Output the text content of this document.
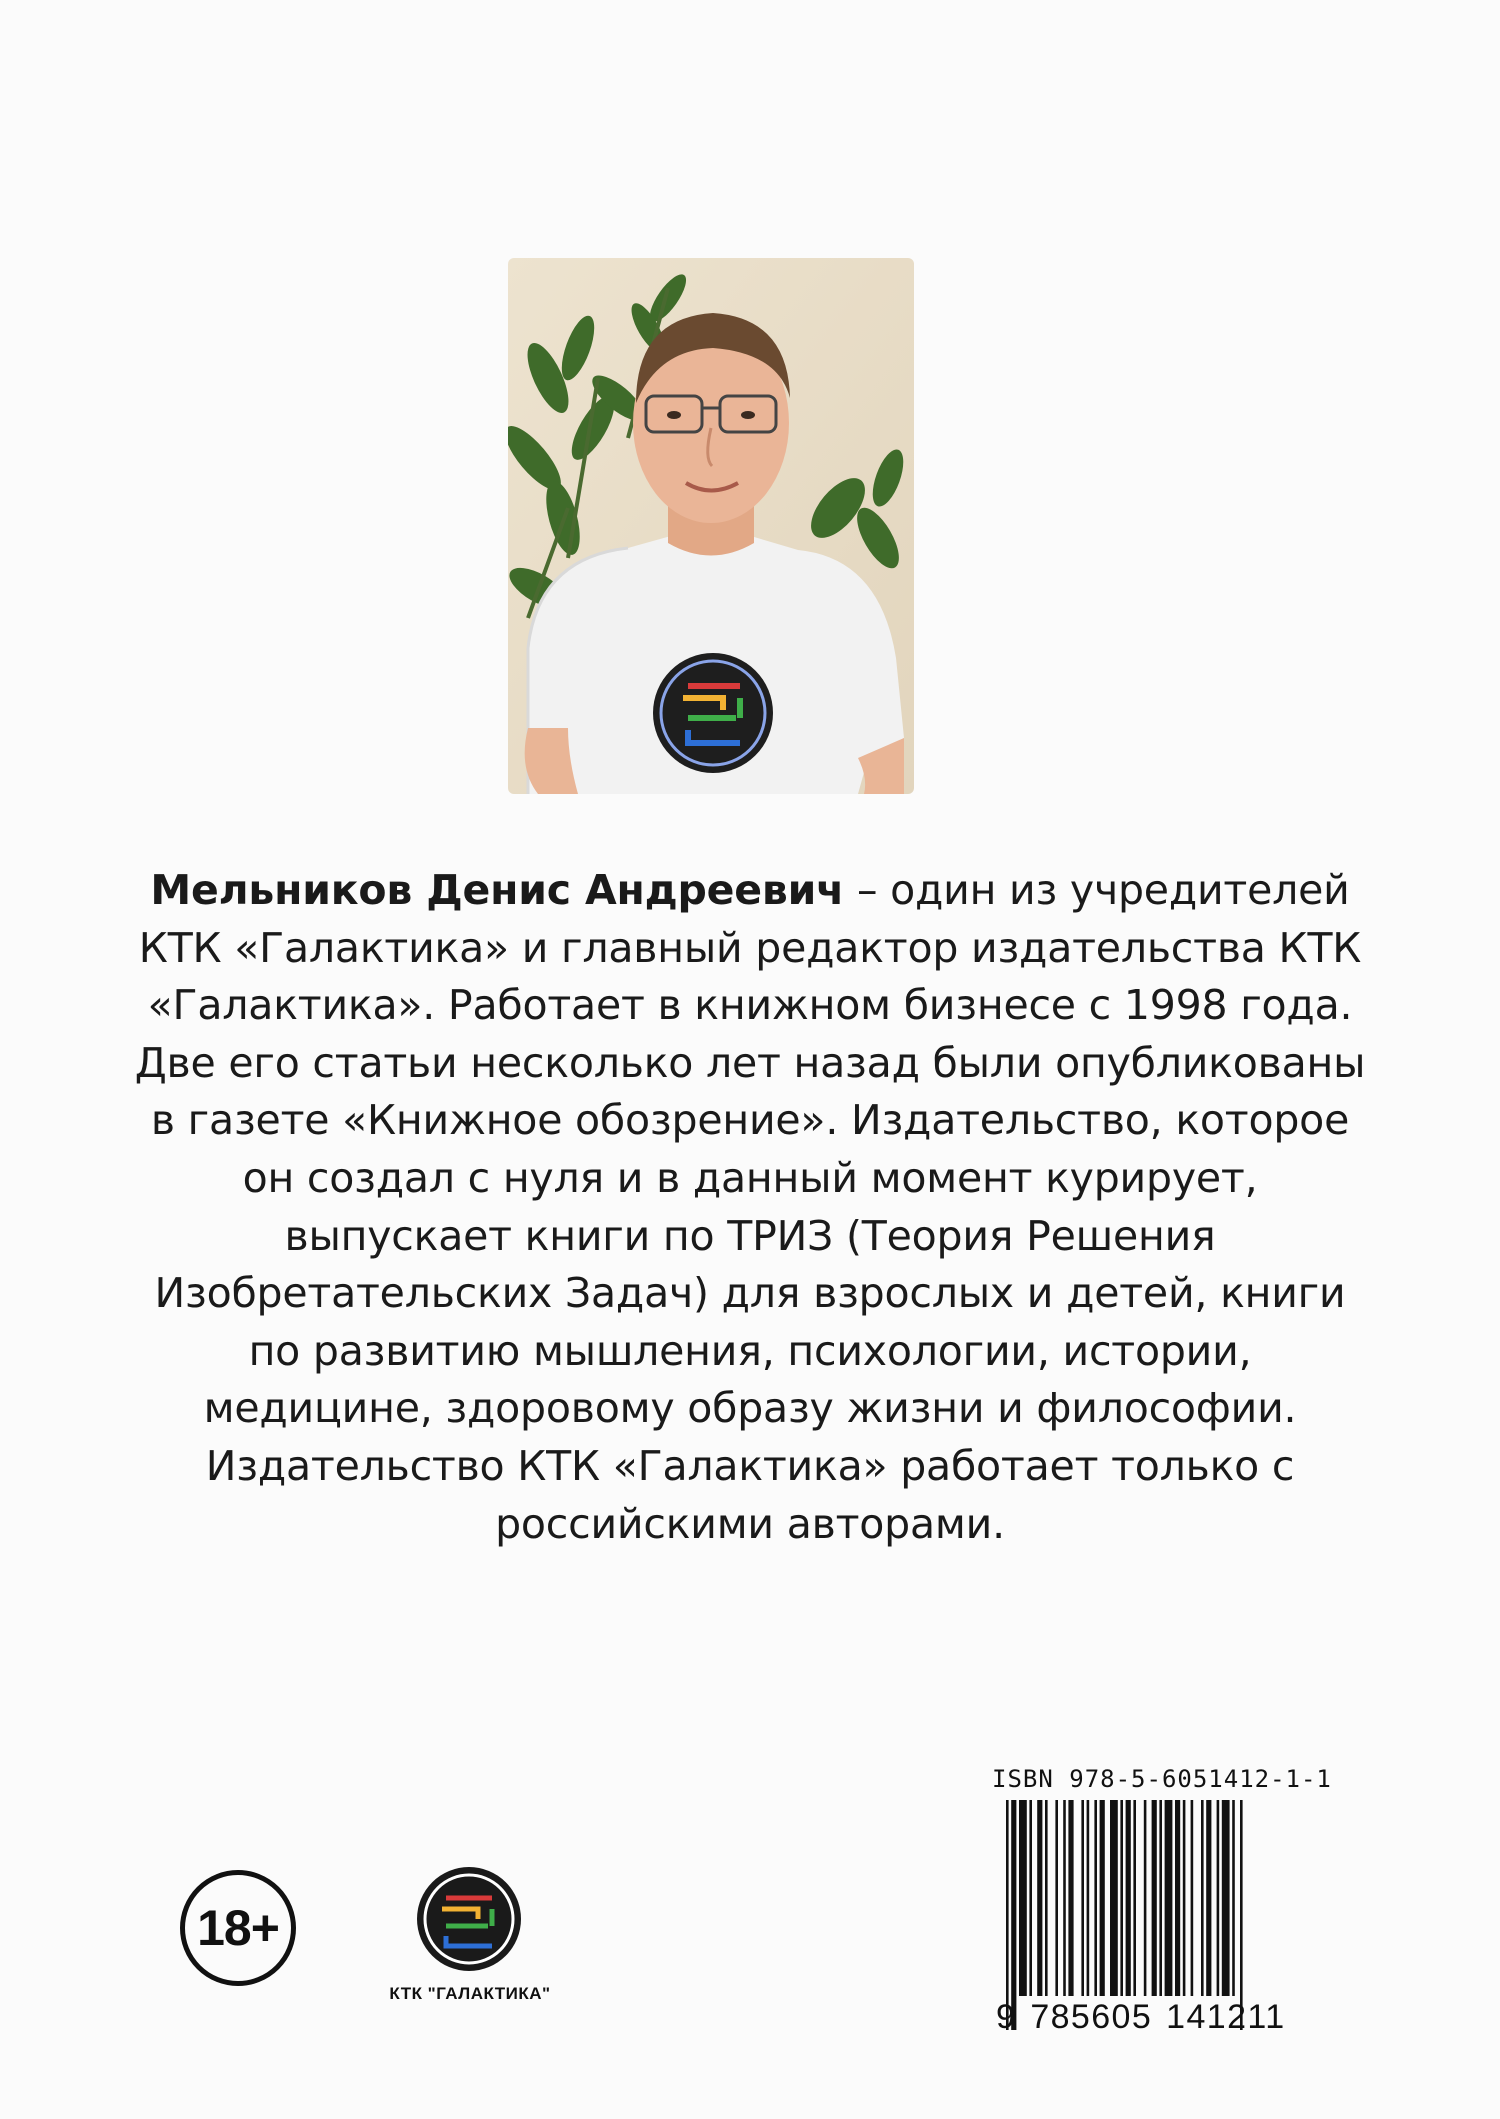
Мельников Денис Андреевич – один из учредителей КТК «Галактика» и главный редактор издательства КТК «Галактика». Работает в книжном бизнесе с 1998 года. Две его статьи несколько лет назад были опубликованы в газете «Книжное обозрение». Издательство, которое он создал с нуля и в данный момент курирует, выпускает книги по ТРИЗ (Теория Решения Изобретательских Задач) для взрослых и детей, книги по развитию мышления, психологии, истории, медицине, здоровому образу жизни и философии. Издательство КТК «Галактика» работает только с российскими авторами.
18+
КТК "ГАЛАКТИКА"
ISBN 978-5-6051412-1-1
9 785605 141211
